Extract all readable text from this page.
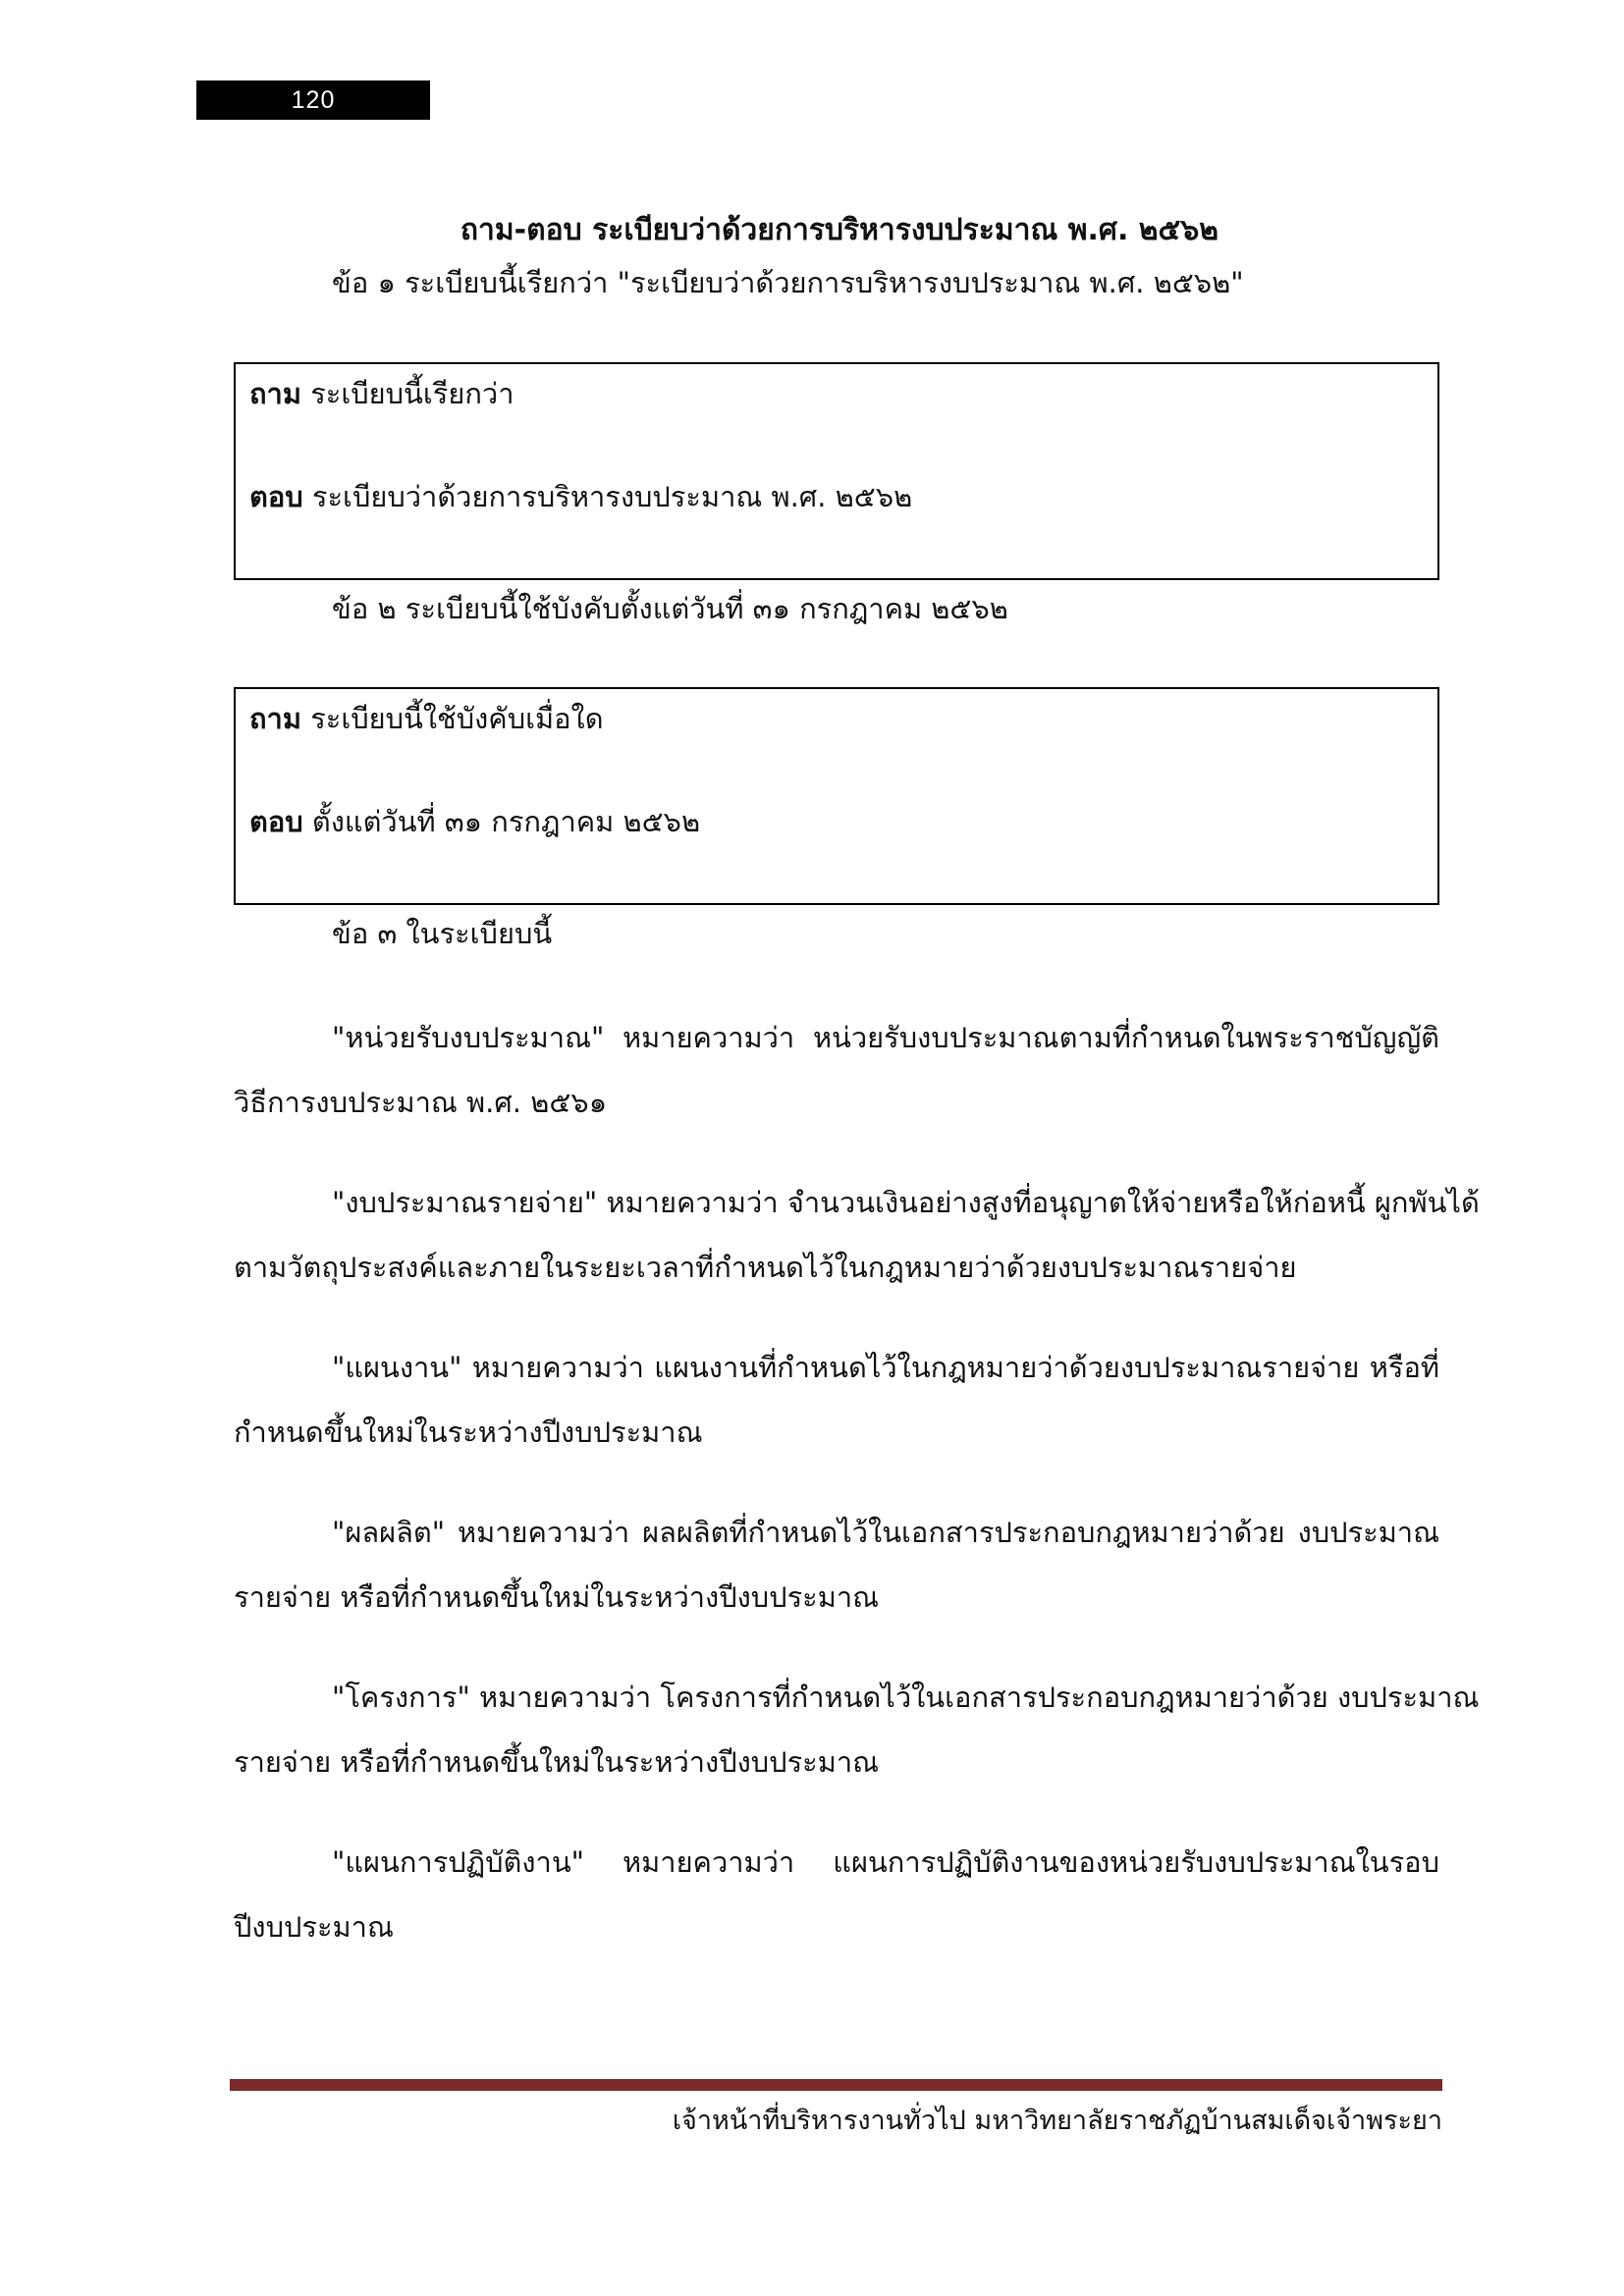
120
ถาม-ตอบ ระเบียบว่าด้วยการบริหารงบประมาณ พ.ศ. ๒๕๖๒
ข้อ ๑ ระเบียบนี้เรียกว่า "ระเบียบว่าด้วยการบริหารงบประมาณ พ.ศ. ๒๕๖๒"
ถาม ระเบียบนี้เรียกว่า
ตอบ ระเบียบว่าด้วยการบริหารงบประมาณ พ.ศ. ๒๕๖๒
ข้อ ๒ ระเบียบนี้ใช้บังคับตั้งแต่วันที่ ๓๑ กรกฎาคม ๒๕๖๒
ถาม ระเบียบนี้ใช้บังคับเมื่อใด
ตอบ ตั้งแต่วันที่ ๓๑ กรกฎาคม ๒๕๖๒
ข้อ ๓ ในระเบียบนี้
"หน่วยรับงบประมาณ" หมายความว่า หน่วยรับงบประมาณตามที่กำหนดในพระราชบัญญัติ
วิธีการงบประมาณ พ.ศ. ๒๕๖๑
"งบประมาณรายจ่าย" หมายความว่า จำนวนเงินอย่างสูงที่อนุญาตให้จ่ายหรือให้ก่อหนี้ ผูกพันได้
ตามวัตถุประสงค์และภายในระยะเวลาที่กำหนดไว้ในกฎหมายว่าด้วยงบประมาณรายจ่าย
"แผนงาน" หมายความว่า แผนงานที่กำหนดไว้ในกฎหมายว่าด้วยงบประมาณรายจ่าย หรือที่
กำหนดขึ้นใหม่ในระหว่างปีงบประมาณ
"ผลผลิต" หมายความว่า ผลผลิตที่กำหนดไว้ในเอกสารประกอบกฎหมายว่าด้วย งบประมาณ
รายจ่าย หรือที่กำหนดขึ้นใหม่ในระหว่างปีงบประมาณ
"โครงการ" หมายความว่า โครงการที่กำหนดไว้ในเอกสารประกอบกฎหมายว่าด้วย งบประมาณ
รายจ่าย หรือที่กำหนดขึ้นใหม่ในระหว่างปีงบประมาณ
"แผนการปฏิบัติงาน" หมายความว่า แผนการปฏิบัติงานของหน่วยรับงบประมาณในรอบ
ปีงบประมาณ
เจ้าหน้าที่บริหารงานทั่วไป มหาวิทยาลัยราชภัฏบ้านสมเด็จเจ้าพระยา
